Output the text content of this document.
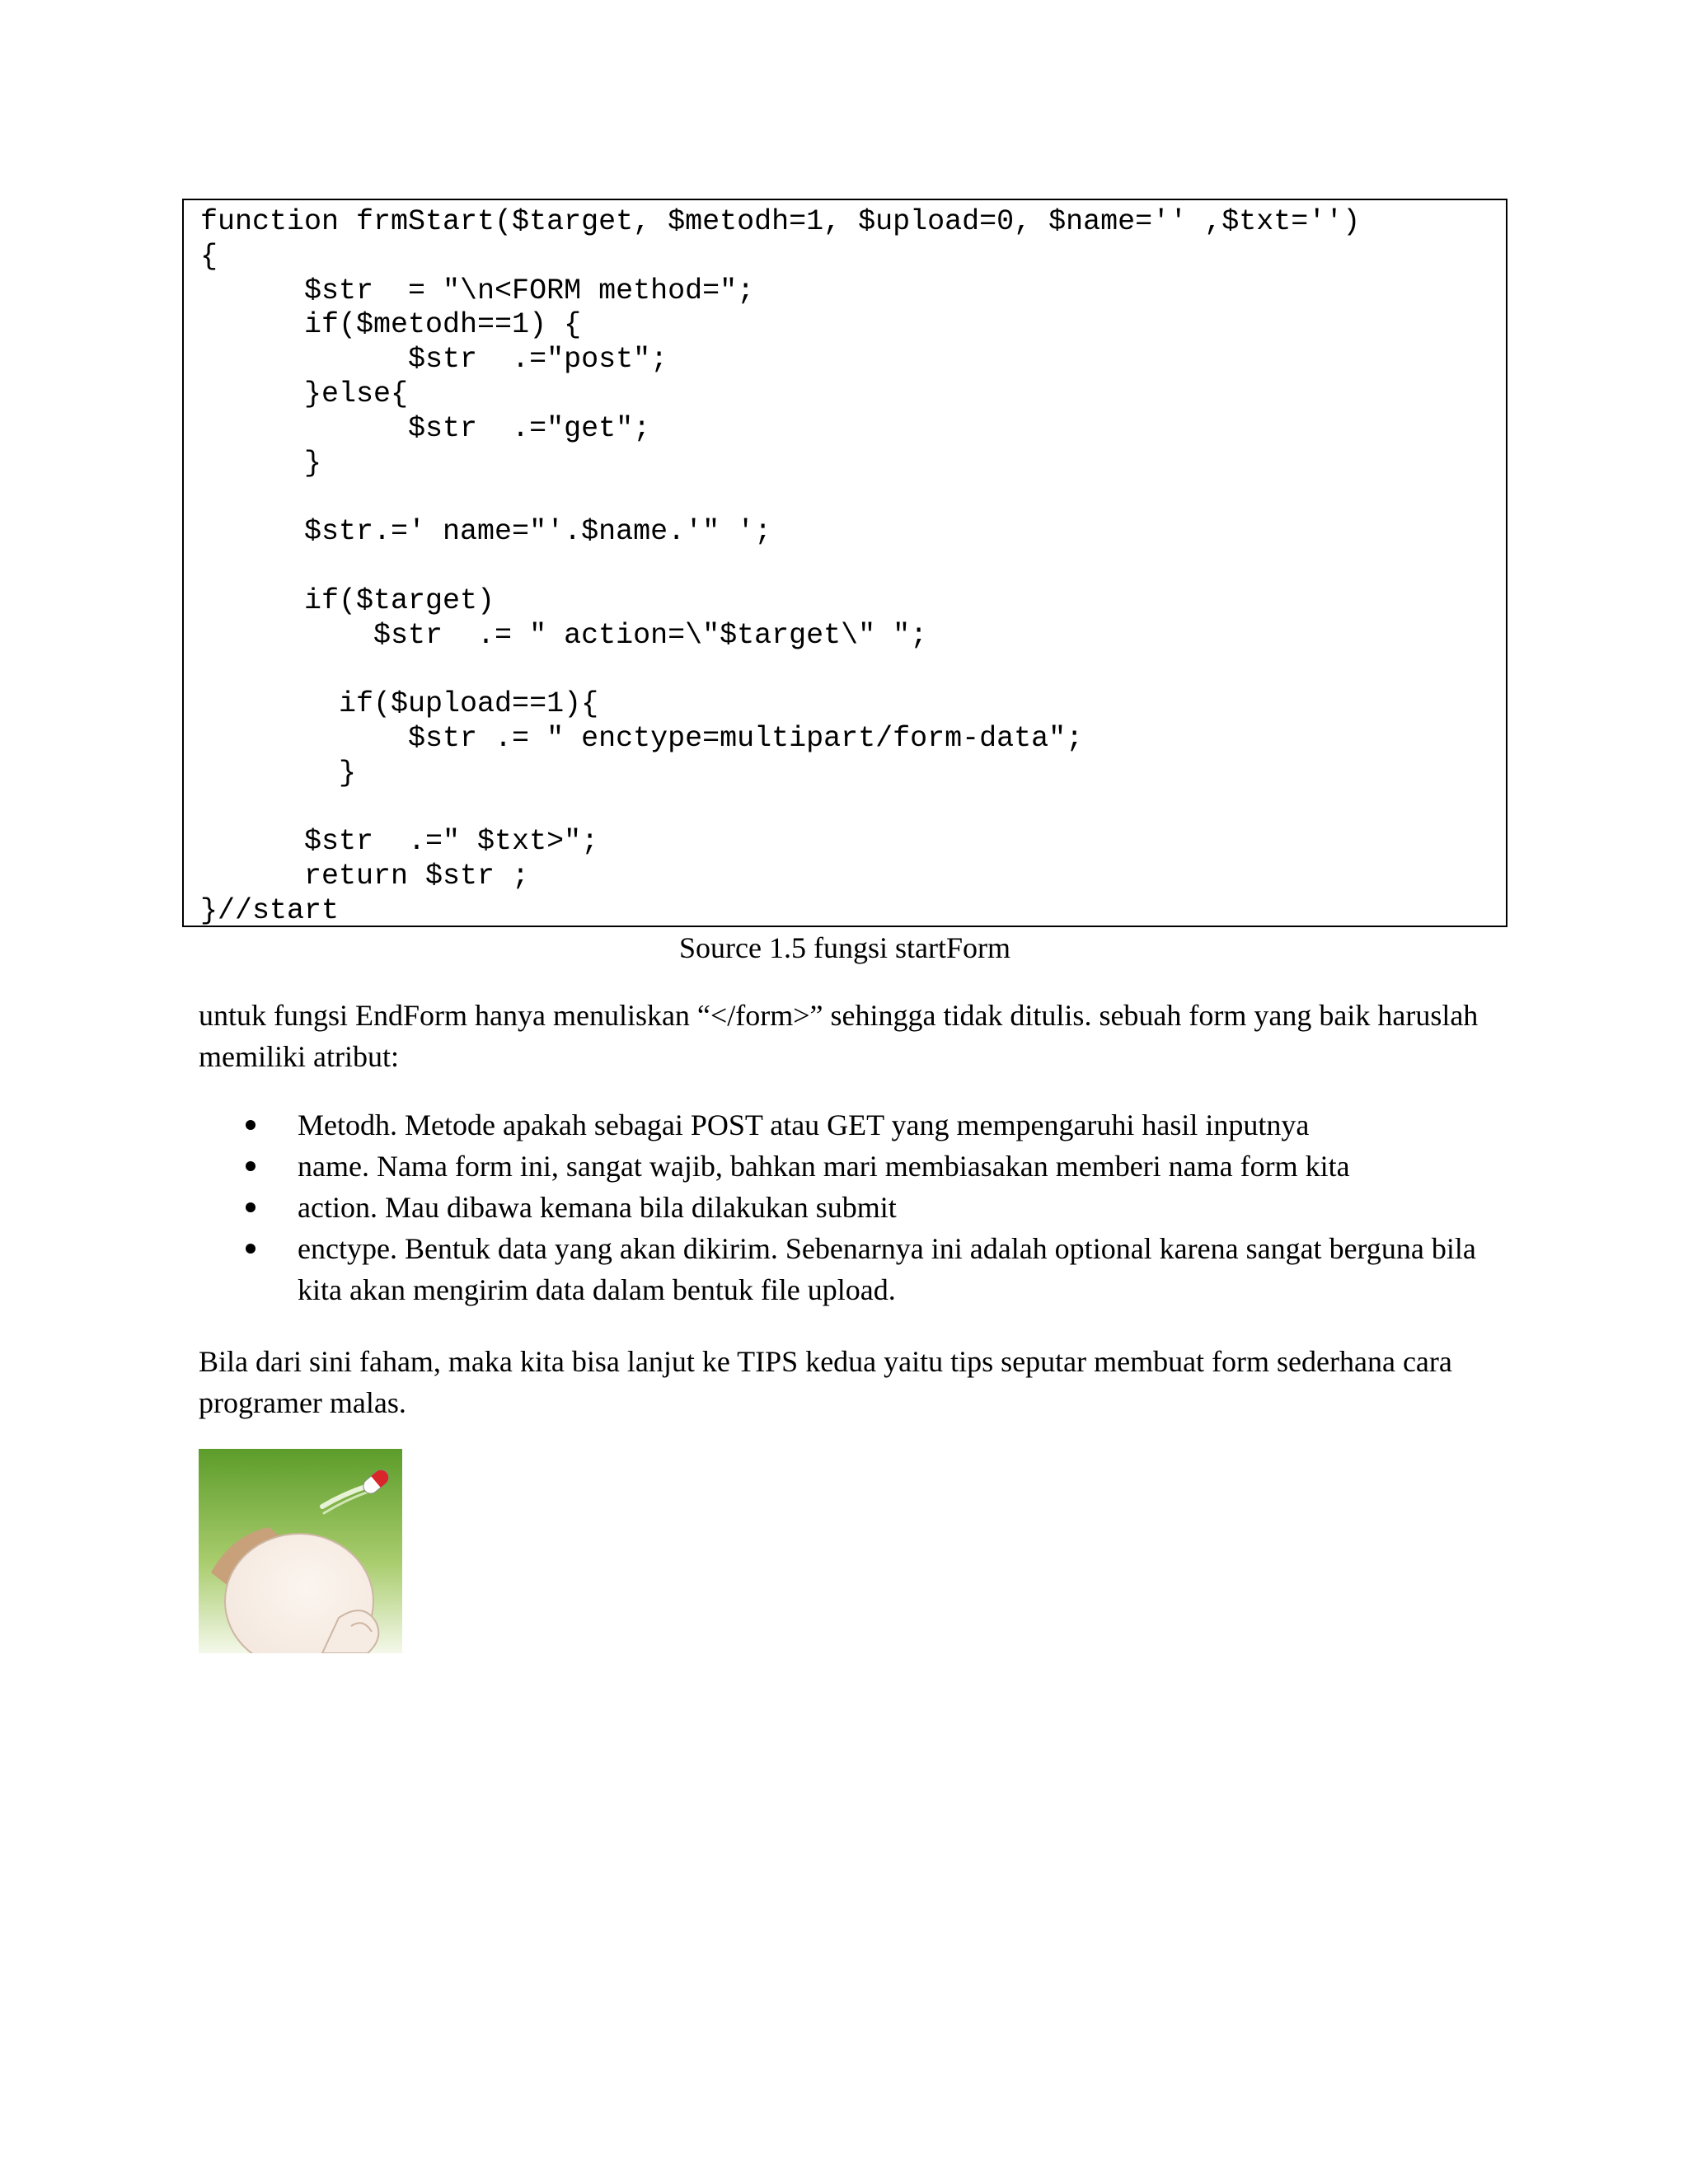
function frmStart($target, $metodh=1, $upload=0, $name='' ,$txt='')
{
$str  = "\n<FORM method=";
if($metodh==1) {
$str  .="post";
}else{
$str  .="get";
}

$str.=' name="'.$name.'" ';

if($target)
$str  .= " action=\"$target\" ";

if($upload==1){
$str .= " enctype=multipart/form-data";
}

$str  .=" $txt>";
return $str ;
}//start
Source 1.5 fungsi startForm

untuk fungsi EndForm hanya menuliskan “</form>” sehingga tidak ditulis. sebuah form yang baik haruslah memiliki atribut:

Metodh. Metode apakah sebagai POST atau GET yang mempengaruhi hasil inputnya
name. Nama form ini, sangat wajib, bahkan mari membiasakan memberi nama form kita
action. Mau dibawa kemana bila dilakukan submit
enctype. Bentuk data yang akan dikirim. Sebenarnya ini adalah optional karena sangat berguna bila kita akan mengirim data dalam bentuk file upload.

Bila dari sini faham, maka kita bisa lanjut ke TIPS kedua yaitu tips seputar membuat form sederhana cara programer malas.
